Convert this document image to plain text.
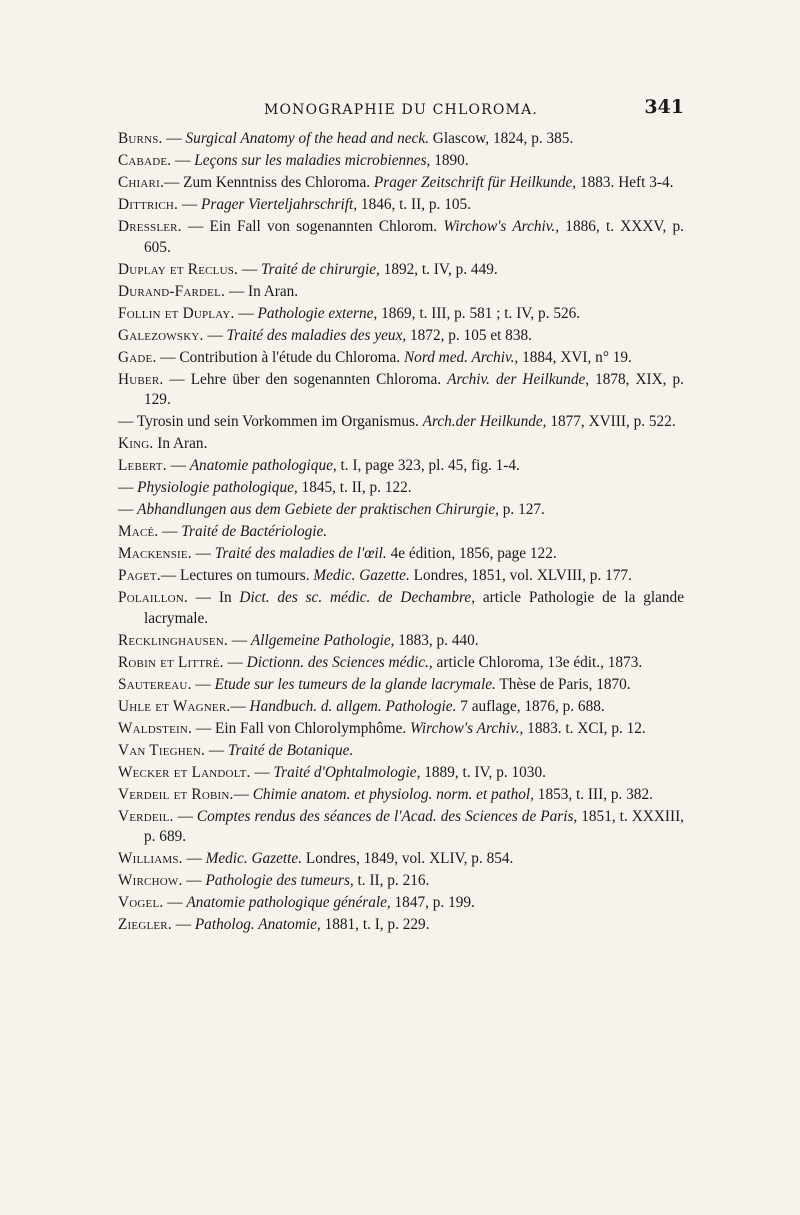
MONOGRAPHIE DU CHLOROMA.	341

Burns. — Surgical Anatomy of the head and neck. Glascow, 1824, p. 385.

Cabade. — Leçons sur les maladies microbiennes, 1890.

Chiari.— Zum Kenntniss des Chloroma. Prager Zeitschrift für Heilkunde, 1883. Heft 3-4.

Dittrich. — Prager Vierteljahrschrift, 1846, t. II, p. 105.

Dressler. — Ein Fall von sogenannten Chlorom. Wirchow's Archiv., 1886, t. XXXV, p. 605.

Duplay et Reclus. — Traité de chirurgie, 1892, t. IV, p. 449.

Durand-Fardel. — In Aran.

Follin et Duplay. — Pathologie externe, 1869, t. III, p. 581 ; t. IV, p. 526.

Galezowsky. — Traité des maladies des yeux, 1872, p. 105 et 838.

Gade. — Contribution à l'étude du Chloroma. Nord med. Archiv., 1884, XVI, n° 19.

Huber. — Lehre über den sogenannten Chloroma. Archiv. der Heilkunde, 1878, XIX, p. 129.

— Tyrosin und sein Vorkommen im Organismus. Arch.der Heilkunde, 1877, XVIII, p. 522.

King. In Aran.

Lebert. — Anatomie pathologique, t. I, page 323, pl. 45, fig. 1-4.

— Physiologie pathologique, 1845, t. II, p. 122.

— Abhandlungen aus dem Gebiete der praktischen Chirurgie, p. 127.

Macé. — Traité de Bactériologie.

Mackensie. — Traité des maladies de l'œil. 4e édition, 1856, page 122.

Paget.— Lectures on tumours. Medic. Gazette. Londres, 1851, vol. XLVIII, p. 177.

Polaillon. — In Dict. des sc. médic. de Dechambre, article Pathologie de la glande lacrymale.

Recklinghausen. — Allgemeine Pathologie, 1883, p. 440.

Robin et Littré. — Dictionn. des Sciences médic., article Chloroma, 13e édit., 1873.

Sautereau. — Etude sur les tumeurs de la glande lacrymale. Thèse de Paris, 1870.

Uhle et Wagner.— Handbuch. d. allgem. Pathologie. 7 auflage, 1876, p. 688.

Waldstein. — Ein Fall von Chlorolymphôme. Wirchow's Archiv., 1883. t. XCI, p. 12.

Van Tieghen. — Traité de Botanique.

Wecker et Landolt. — Traité d'Ophtalmologie, 1889, t. IV, p. 1030.

Verdeil et Robin.— Chimie anatom. et physiolog. norm. et pathol, 1853, t. III, p. 382.

Verdeil. — Comptes rendus des séances de l'Acad. des Sciences de Paris, 1851, t. XXXIII, p. 689.

Williams. — Medic. Gazette. Londres, 1849, vol. XLIV, p. 854.

Wirchow. — Pathologie des tumeurs, t. II, p. 216.

Vogel. — Anatomie pathologique générale, 1847, p. 199.

Ziegler. — Patholog. Anatomie, 1881, t. I, p. 229.
